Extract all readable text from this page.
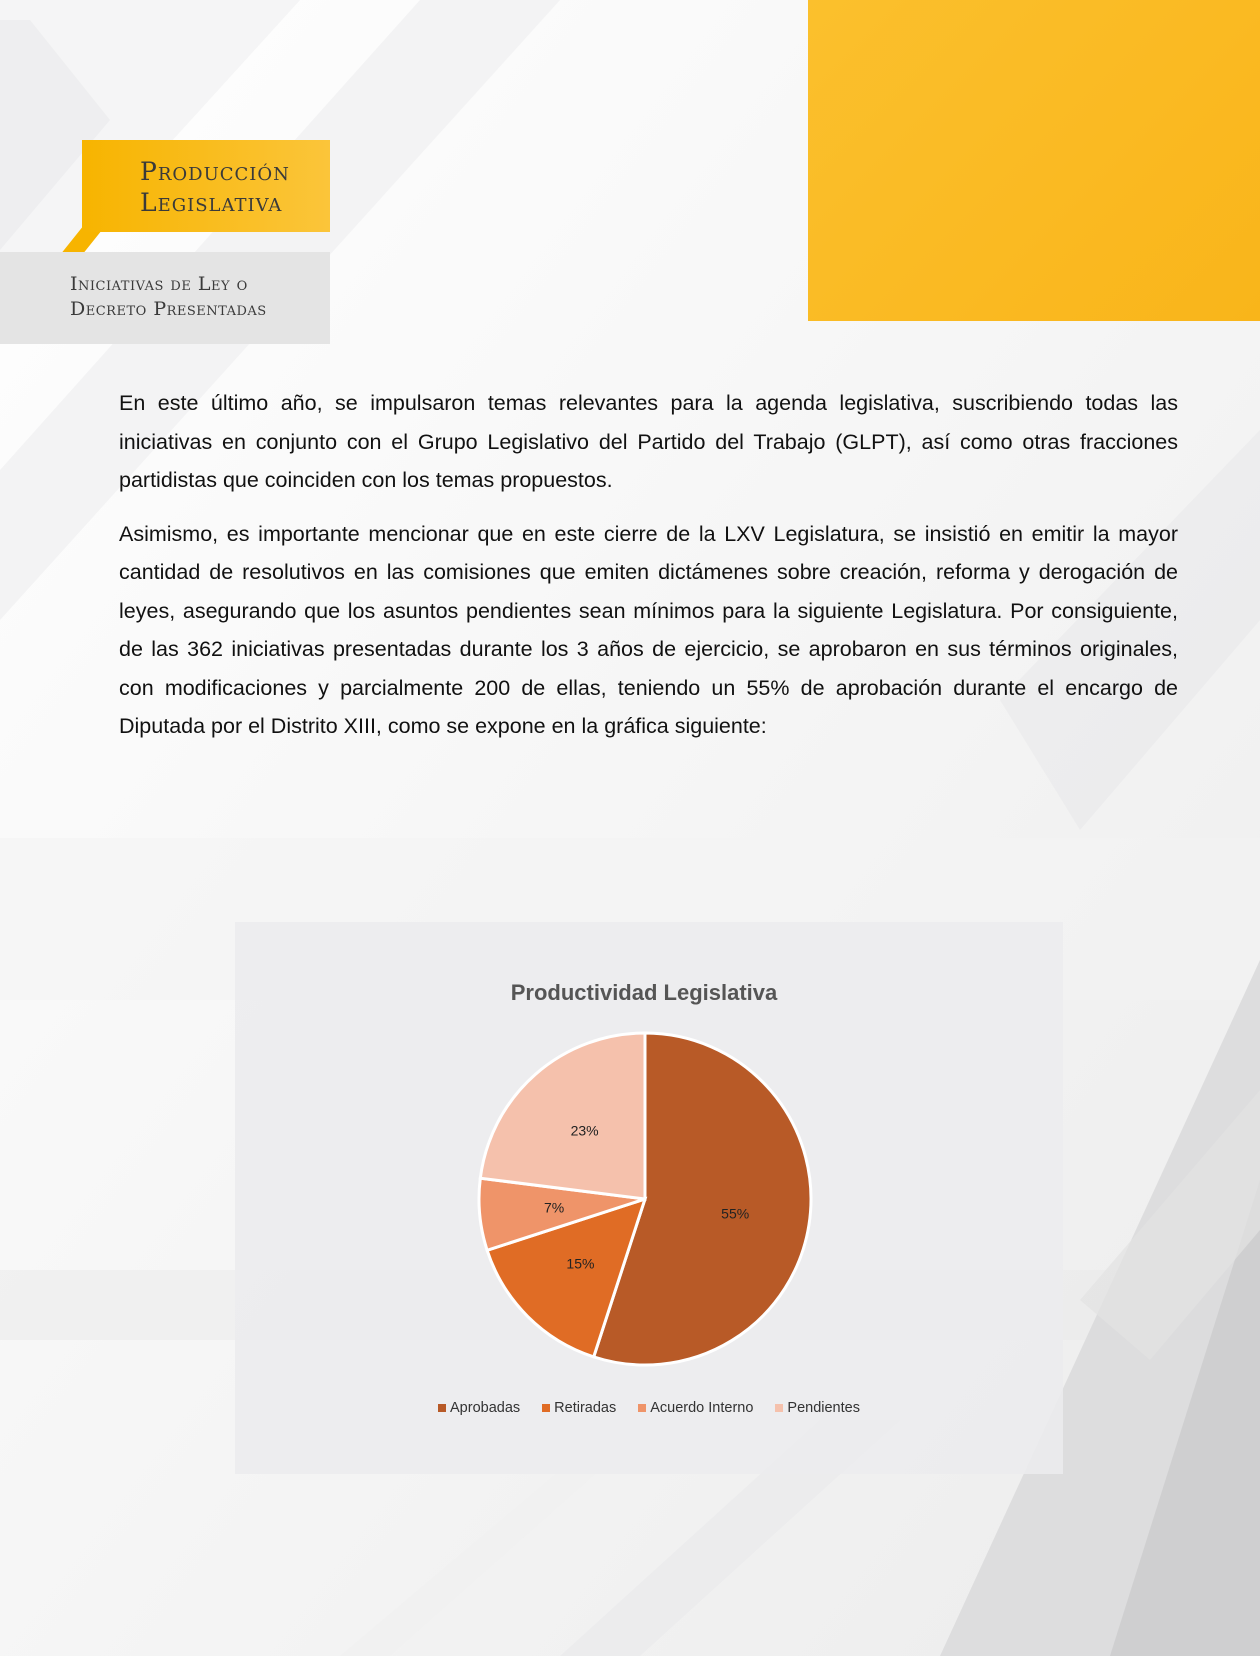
Producción Legislativa
Iniciativas de Ley o Decreto Presentadas

En este último año, se impulsaron temas relevantes para la agenda legislativa, suscribiendo todas las iniciativas en conjunto con el Grupo Legislativo del Partido del Trabajo (GLPT), así como otras fracciones partidistas que coinciden con los temas propuestos.

Asimismo, es importante mencionar que en este cierre de la LXV Legislatura, se insistió en emitir la mayor cantidad de resolutivos en las comisiones que emiten dictámenes sobre creación, reforma y derogación de leyes, asegurando que los asuntos pendientes sean mínimos para la siguiente Legislatura. Por consiguiente, de las 362 iniciativas presentadas durante los 3 años de ejercicio, se aprobaron en sus términos originales, con modificaciones y parcialmente 200 de ellas, teniendo un 55% de aprobación durante el encargo de Diputada por el Distrito XIII, como se expone en la gráfica siguiente:

Productividad Legislativa
55%
15%
7%
23%
Aprobadas Retiradas Acuerdo Interno Pendientes
